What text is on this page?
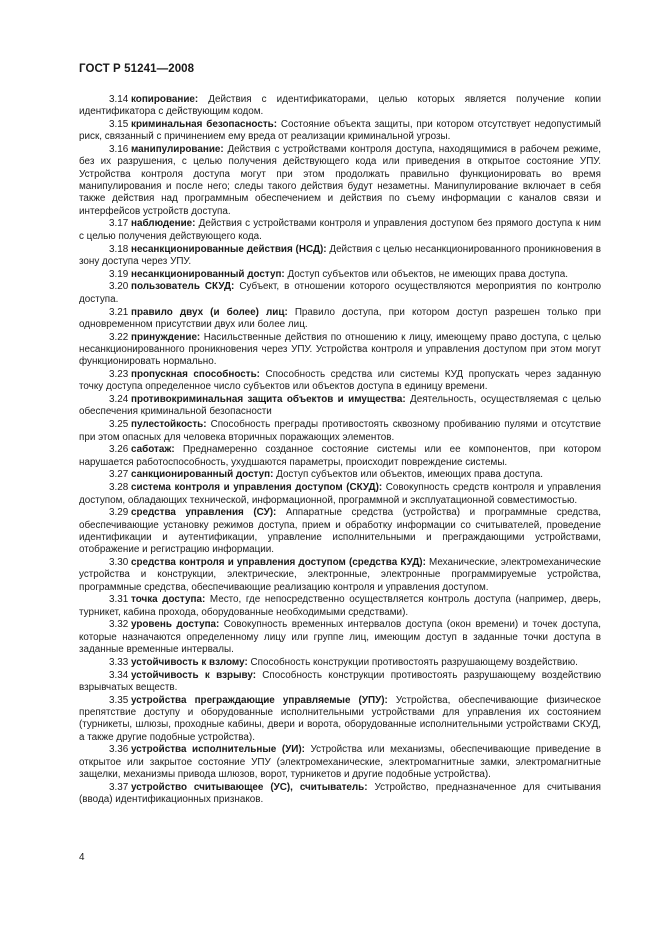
ГОСТ Р 51241—2008

3.14 копирование: Действия с идентификаторами, целью которых является получение копии идентификатора с действующим кодом.

3.15 криминальная безопасность: Состояние объекта защиты, при котором отсутствует недопустимый риск, связанный с причинением ему вреда от реализации криминальной угрозы.

3.16 манипулирование: Действия с устройствами контроля доступа, находящимися в рабочем режиме, без их разрушения, с целью получения действующего кода или приведения в открытое состояние УПУ. Устройства контроля доступа могут при этом продолжать правильно функционировать во время манипулирования и после него; следы такого действия будут незаметны. Манипулирование включает в себя также действия над программным обеспечением и действия по съему информации с каналов связи и интерфейсов устройств доступа.

3.17 наблюдение: Действия с устройствами контроля и управления доступом без прямого доступа к ним с целью получения действующего кода.

3.18 несанкционированные действия (НСД): Действия с целью несанкционированного проникновения в зону доступа через УПУ.

3.19 несанкционированный доступ: Доступ субъектов или объектов, не имеющих права доступа.

3.20 пользователь СКУД: Субъект, в отношении которого осуществляются мероприятия по контролю доступа.

3.21 правило двух (и более) лиц: Правило доступа, при котором доступ разрешен только при одновременном присутствии двух или более лиц.

3.22 принуждение: Насильственные действия по отношению к лицу, имеющему право доступа, с целью несанкционированного проникновения через УПУ. Устройства контроля и управления доступом при этом могут функционировать нормально.

3.23 пропускная способность: Способность средства или системы КУД пропускать через заданную точку доступа определенное число субъектов или объектов доступа в единицу времени.

3.24 противокриминальная защита объектов и имущества: Деятельность, осуществляемая с целью обеспечения криминальной безопасности

3.25 пулестойкость: Способность преграды противостоять сквозному пробиванию пулями и отсутствие при этом опасных для человека вторичных поражающих элементов.

3.26 саботаж: Преднамеренно созданное состояние системы или ее компонентов, при котором нарушается работоспособность, ухудшаются параметры, происходит повреждение системы.

3.27 санкционированный доступ: Доступ субъектов или объектов, имеющих права доступа.

3.28 система контроля и управления доступом (СКУД): Совокупность средств контроля и управления доступом, обладающих технической, информационной, программной и эксплуатационной совместимостью.

3.29 средства управления (СУ): Аппаратные средства (устройства) и программные средства, обеспечивающие установку режимов доступа, прием и обработку информации со считывателей, проведение идентификации и аутентификации, управление исполнительными и преграждающими устройствами, отображение и регистрацию информации.

3.30 средства контроля и управления доступом (средства КУД): Механические, электромеханические устройства и конструкции, электрические, электронные, электронные программируемые устройства, программные средства, обеспечивающие реализацию контроля и управления доступом.

3.31 точка доступа: Место, где непосредственно осуществляется контроль доступа (например, дверь, турникет, кабина прохода, оборудованные необходимыми средствами).

3.32 уровень доступа: Совокупность временных интервалов доступа (окон времени) и точек доступа, которые назначаются определенному лицу или группе лиц, имеющим доступ в заданные точки доступа в заданные временные интервалы.

3.33 устойчивость к взлому: Способность конструкции противостоять разрушающему воздействию.

3.34 устойчивость к взрыву: Способность конструкции противостоять разрушающему воздействию взрывчатых веществ.

3.35 устройства преграждающие управляемые (УПУ): Устройства, обеспечивающие физическое препятствие доступу и оборудованные исполнительными устройствами для управления их состоянием (турникеты, шлюзы, проходные кабины, двери и ворота, оборудованные исполнительными устройствами СКУД, а также другие подобные устройства).

3.36 устройства исполнительные (УИ): Устройства или механизмы, обеспечивающие приведение в открытое или закрытое состояние УПУ (электромеханические, электромагнитные замки, электромагнитные защелки, механизмы привода шлюзов, ворот, турникетов и другие подобные устройства).

3.37 устройство считывающее (УС), считыватель: Устройство, предназначенное для считывания (ввода) идентификационных признаков.

4
